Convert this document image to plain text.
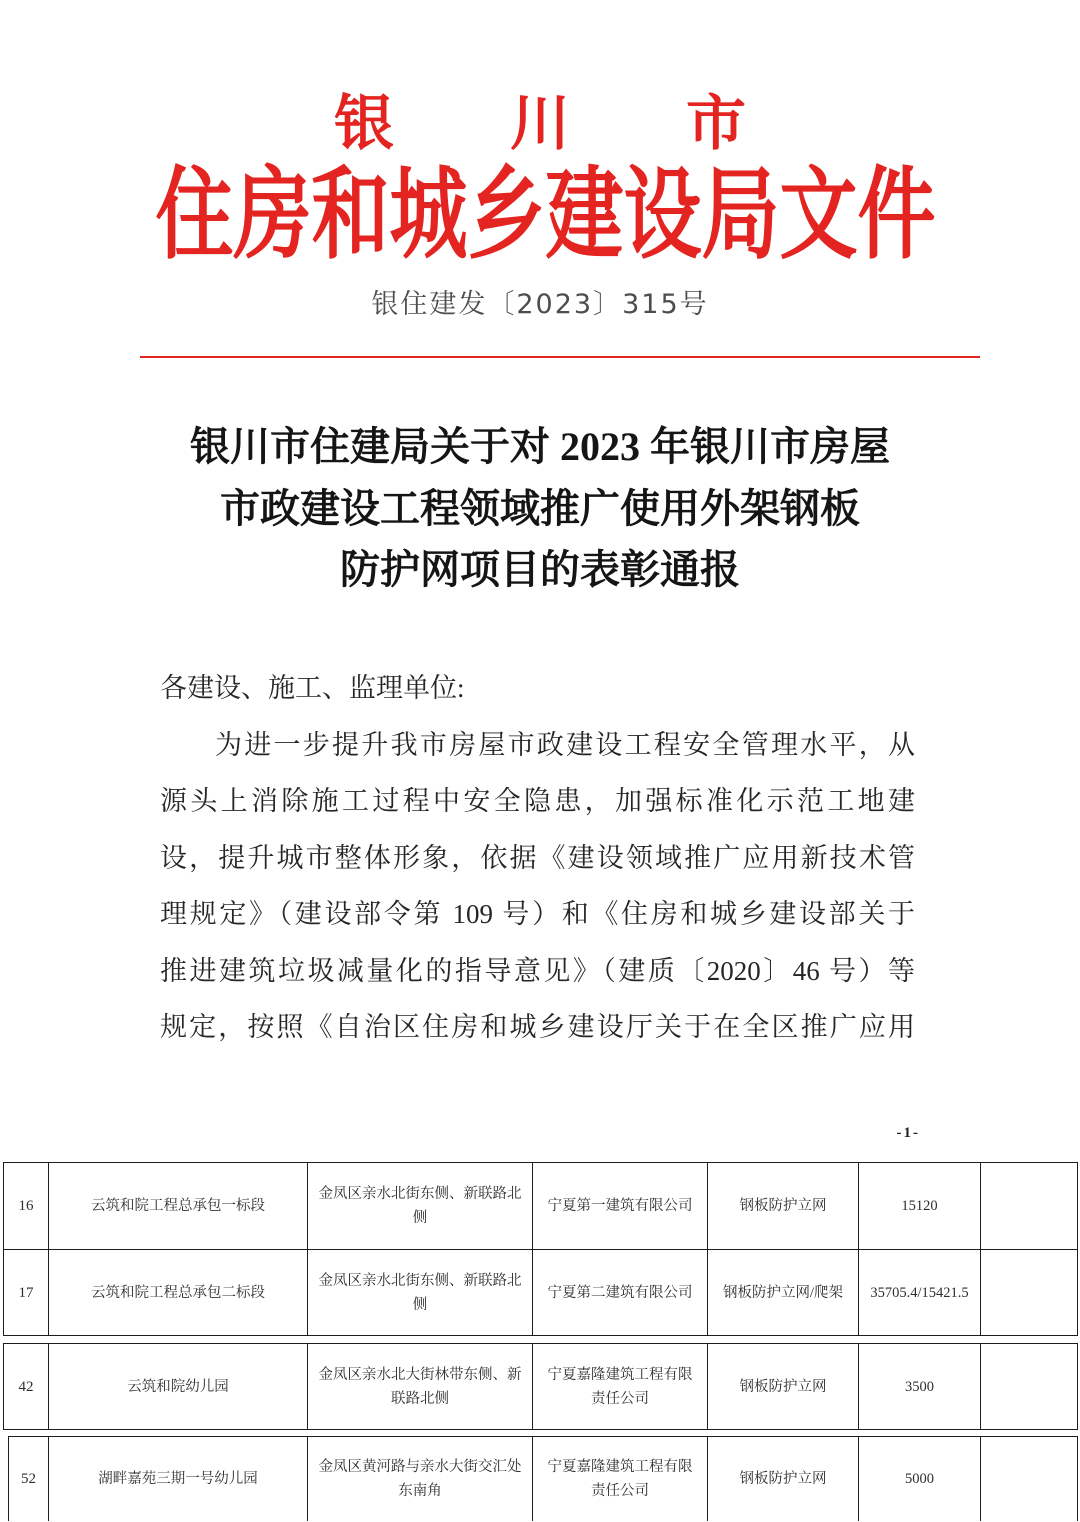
银川市
住房和城乡建设局文件
银住建发〔2023〕315号
银川市住建局关于对 2023 年银川市房屋
市政建设工程领域推广使用外架钢板
防护网项目的表彰通报
各建设、施工、监理单位:
为进一步提升我市房屋市政建设工程安全管理水平，从
源头上消除施工过程中安全隐患，加强标准化示范工地建
设，提升城市整体形象，依据《建设领域推广应用新技术管
理规定》（建设部令第 109 号）和《住房和城乡建设部关于
推进建筑垃圾减量化的指导意见》（建质〔2020〕46 号）等
规定，按照《自治区住房和城乡建设厅关于在全区推广应用
-1-
16	云筑和院工程总承包一标段	金凤区亲水北街东侧、新联路北侧	宁夏第一建筑有限公司	钢板防护立网	15120	
17	云筑和院工程总承包二标段	金凤区亲水北街东侧、新联路北侧	宁夏第二建筑有限公司	钢板防护立网/爬架	35705.4/15421.5	
42	云筑和院幼儿园	金凤区亲水北大街林带东侧、新联路北侧	宁夏嘉隆建筑工程有限责任公司	钢板防护立网	3500	
52	湖畔嘉苑三期一号幼儿园	金凤区黄河路与亲水大街交汇处东南角	宁夏嘉隆建筑工程有限责任公司	钢板防护立网	5000	
